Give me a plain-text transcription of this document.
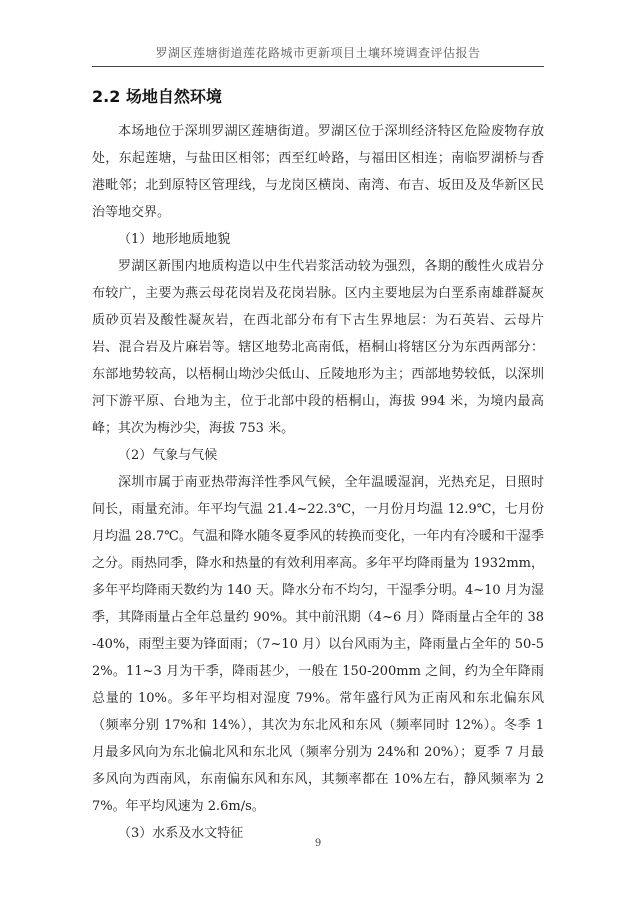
罗湖区莲塘街道莲花路城市更新项目土壤环境调查评估报告
2.2 场地自然环境

本场地位于深圳罗湖区莲塘街道。罗湖区位于深圳经济特区危险废物存放处，东起莲塘，与盐田区相邻；西至红岭路，与福田区相连；南临罗湖桥与香港毗邻；北到原特区管理线，与龙岗区横岗、南湾、布吉、坂田及及华新区民治等地交界。

（1）地形地质地貌

罗湖区新围内地质构造以中生代岩浆活动较为强烈，各期的酸性火成岩分布较广，主要为燕云母花岗岩及花岗岩脉。区内主要地层为白垩系南雄群凝灰质砂页岩及酸性凝灰岩，在西北部分布有下古生界地层：为石英岩、云母片岩、混合岩及片麻岩等。辖区地势北高南低，梧桐山将辖区分为东西两部分：东部地势较高，以梧桐山坳沙尖低山、丘陵地形为主；西部地势较低，以深圳河下游平原、台地为主，位于北部中段的梧桐山，海拔 994 米，为境内最高峰；其次为梅沙尖，海拔 753 米。

（2）气象与气候

深圳市属于南亚热带海洋性季风气候，全年温暖湿润，光热充足，日照时间长，雨量充沛。年平均气温 21.4~22.3℃，一月份月均温 12.9℃，七月份月均温 28.7℃。气温和降水随冬夏季风的转换而变化，一年内有冷暖和干湿季之分。雨热同季，降水和热量的有效利用率高。多年平均降雨量为 1932mm，多年平均降雨天数约为 140 天。降水分布不均匀，干湿季分明。4~10 月为湿季，其降雨量占全年总量约 90%。其中前汛期（4~6 月）降雨量占全年的 38-40%，雨型主要为锋面雨；（7~10 月）以台风雨为主，降雨量占全年的 50-52%。11~3 月为干季，降雨甚少，一般在 150-200mm 之间，约为全年降雨总量的 10%。多年平均相对湿度 79%。常年盛行风为正南风和东北偏东风（频率分别 17%和 14%），其次为东北风和东风（频率同时 12%）。冬季 1 月最多风向为东北偏北风和东北风（频率分别为 24%和 20%）；夏季 7 月最多风向为西南风，东南偏东风和东风，其频率都在 10%左右，静风频率为 27%。年平均风速为 2.6m/s。

（3）水系及水文特征

9
